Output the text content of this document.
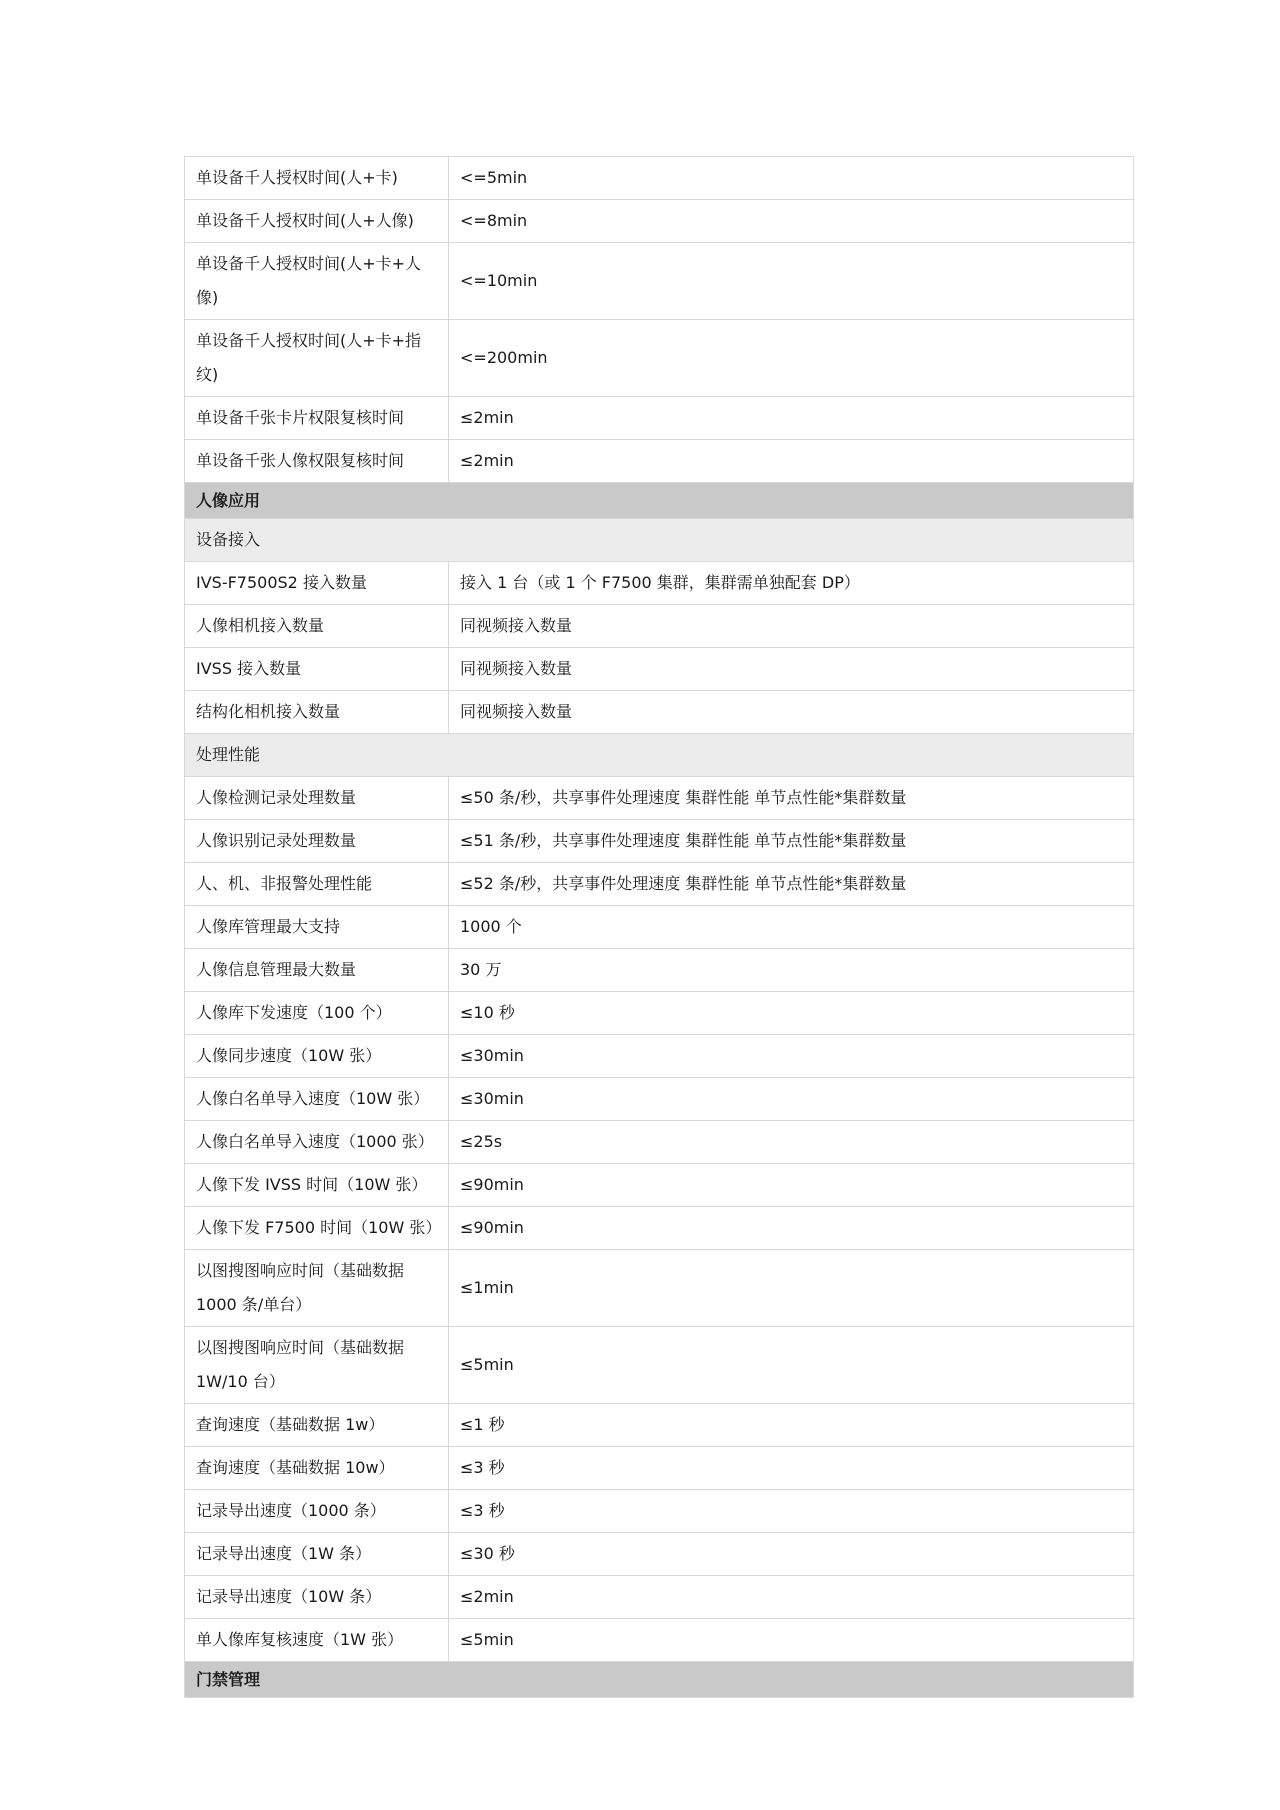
单设备千人授权时间(人+卡)	<=5min
单设备千人授权时间(人+人像)	<=8min
单设备千人授权时间(人+卡+人像)	<=10min
单设备千人授权时间(人+卡+指纹)	<=200min
单设备千张卡片权限复核时间	≤2min
单设备千张人像权限复核时间	≤2min
人像应用	
设备接入	
IVS-F7500S2 接入数量	接入 1 台（或 1 个 F7500 集群，集群需单独配套 DP）
人像相机接入数量	同视频接入数量
IVSS 接入数量	同视频接入数量
结构化相机接入数量	同视频接入数量
处理性能	
人像检测记录处理数量	≤50 条/秒，共享事件处理速度 集群性能 单节点性能*集群数量
人像识别记录处理数量	≤51 条/秒，共享事件处理速度 集群性能 单节点性能*集群数量
人、机、非报警处理性能	≤52 条/秒，共享事件处理速度 集群性能 单节点性能*集群数量
人像库管理最大支持	1000 个
人像信息管理最大数量	30 万
人像库下发速度（100 个）	≤10 秒
人像同步速度（10W 张）	≤30min
人像白名单导入速度（10W 张）	≤30min
人像白名单导入速度（1000 张）	≤25s
人像下发 IVSS 时间（10W 张）	≤90min
人像下发 F7500 时间（10W 张）	≤90min
以图搜图响应时间（基础数据 1000 条/单台）	≤1min
以图搜图响应时间（基础数据 1W/10 台）	≤5min
查询速度（基础数据 1w）	≤1 秒
查询速度（基础数据 10w）	≤3 秒
记录导出速度（1000 条）	≤3 秒
记录导出速度（1W 条）	≤30 秒
记录导出速度（10W 条）	≤2min
单人像库复核速度（1W 张）	≤5min
门禁管理	
